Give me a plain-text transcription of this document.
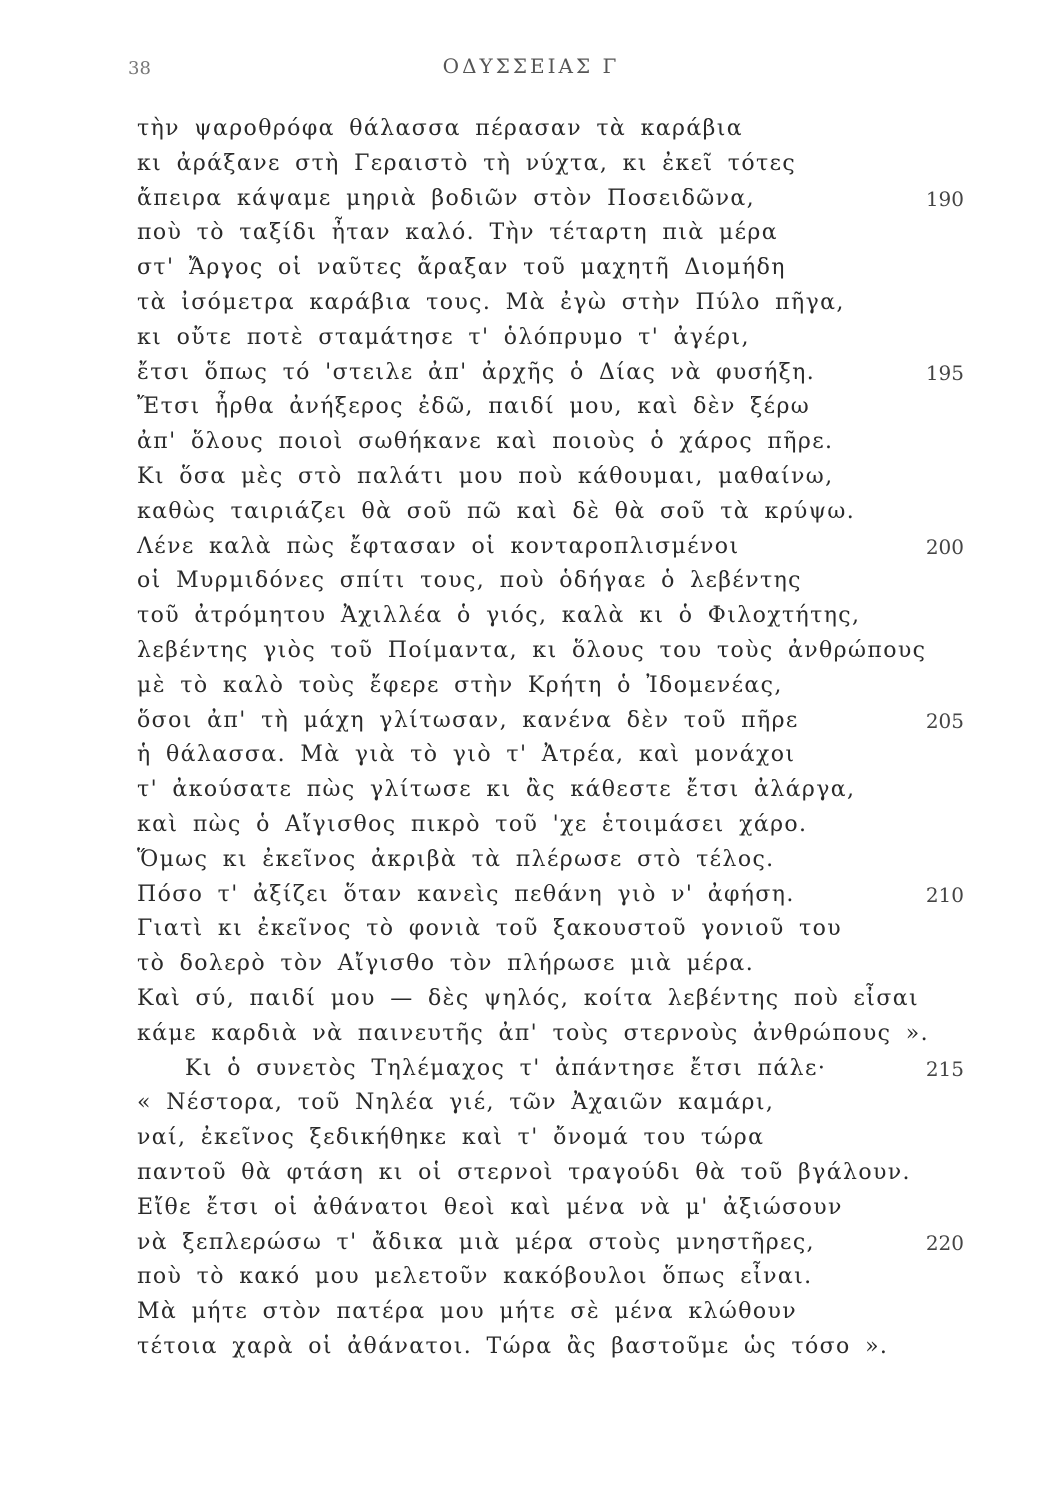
38	ΟΔΥΣΣΕΙΑΣ Γ
τὴν ψαροθρόφα θάλασσα πέρασαν τὰ καράβια
κι ἀράξανε στὴ Γεραιστὸ τὴ νύχτα, κι ἐκεῖ τότες
ἄπειρα κάψαμε μηριὰ βοδιῶν στὸν Ποσειδῶνα,	190
ποὺ τὸ ταξίδι ἦταν καλό. Τὴν τέταρτη πιὰ μέρα
στ' Ἄργος οἱ ναῦτες ἄραξαν τοῦ μαχητῆ Διομήδη
τὰ ἰσόμετρα καράβια τους. Μὰ ἐγὼ στὴν Πύλο πῆγα,
κι οὔτε ποτὲ σταμάτησε τ' ὁλόπρυμο τ' ἀγέρι,
ἔτσι ὅπως τό 'στειλε ἀπ' ἀρχῆς ὁ Δίας νὰ φυσήξη.	195
Ἔτσι ἦρθα ἀνήξερος ἐδῶ, παιδί μου, καὶ δὲν ξέρω
ἀπ' ὅλους ποιοὶ σωθήκανε καὶ ποιοὺς ὁ χάρος πῆρε.
Κι ὅσα μὲς στὸ παλάτι μου ποὺ κάθουμαι, μαθαίνω,
καθὼς ταιριάζει θὰ σοῦ πῶ καὶ δὲ θὰ σοῦ τὰ κρύψω.
Λένε καλὰ πὼς ἔφτασαν οἱ κονταροπλισμένοι	200
οἱ Μυρμιδόνες σπίτι τους, ποὺ ὁδήγαε ὁ λεβέντης
τοῦ ἀτρόμητου Ἀχιλλέα ὁ γιός, καλὰ κι ὁ Φιλοχτήτης,
λεβέντης γιὸς τοῦ Ποίμαντα, κι ὅλους του τοὺς ἀνθρώπους
μὲ τὸ καλὸ τοὺς ἔφερε στὴν Κρήτη ὁ Ἰδομενέας,
ὅσοι ἀπ' τὴ μάχη γλίτωσαν, κανένα δὲν τοῦ πῆρε	205
ἡ θάλασσα. Μὰ γιὰ τὸ γιὸ τ' Ἀτρέα, καὶ μονάχοι
τ' ἀκούσατε πὼς γλίτωσε κι ἂς κάθεστε ἔτσι ἀλάργα,
καὶ πὼς ὁ Αἴγισθος πικρὸ τοῦ 'χε ἑτοιμάσει χάρο.
Ὅμως κι ἐκεῖνος ἀκριβὰ τὰ πλέρωσε στὸ τέλος.
Πόσο τ' ἀξίζει ὅταν κανεὶς πεθάνη γιὸ ν' ἀφήση.	210
Γιατὶ κι ἐκεῖνος τὸ φονιὰ τοῦ ξακουστοῦ γονιοῦ του
τὸ δολερὸ τὸν Αἴγισθο τὸν πλήρωσε μιὰ μέρα.
Καὶ σύ, παιδί μου — δὲς ψηλός, κοίτα λεβέντης ποὺ εἶσαι
κάμε καρδιὰ νὰ παινευτῆς ἀπ' τοὺς στερνοὺς ἀνθρώπους ».
Κι ὁ συνετὸς Τηλέμαχος τ' ἀπάντησε ἔτσι πάλε·	215
« Νέστορα, τοῦ Νηλέα γιέ, τῶν Ἀχαιῶν καμάρι,
ναί, ἐκεῖνος ξεδικήθηκε καὶ τ' ὄνομά του τώρα
παντοῦ θὰ φτάση κι οἱ στερνοὶ τραγούδι θὰ τοῦ βγάλουν.
Εἴθε ἔτσι οἱ ἀθάνατοι θεοὶ καὶ μένα νὰ μ' ἀξιώσουν
νὰ ξεπλερώσω τ' ἄδικα μιὰ μέρα στοὺς μνηστῆρες,	220
ποὺ τὸ κακό μου μελετοῦν κακόβουλοι ὅπως εἶναι.
Μὰ μήτε στὸν πατέρα μου μήτε σὲ μένα κλώθουν
τέτοια χαρὰ οἱ ἀθάνατοι. Τώρα ἂς βαστοῦμε ὡς τόσο ».
